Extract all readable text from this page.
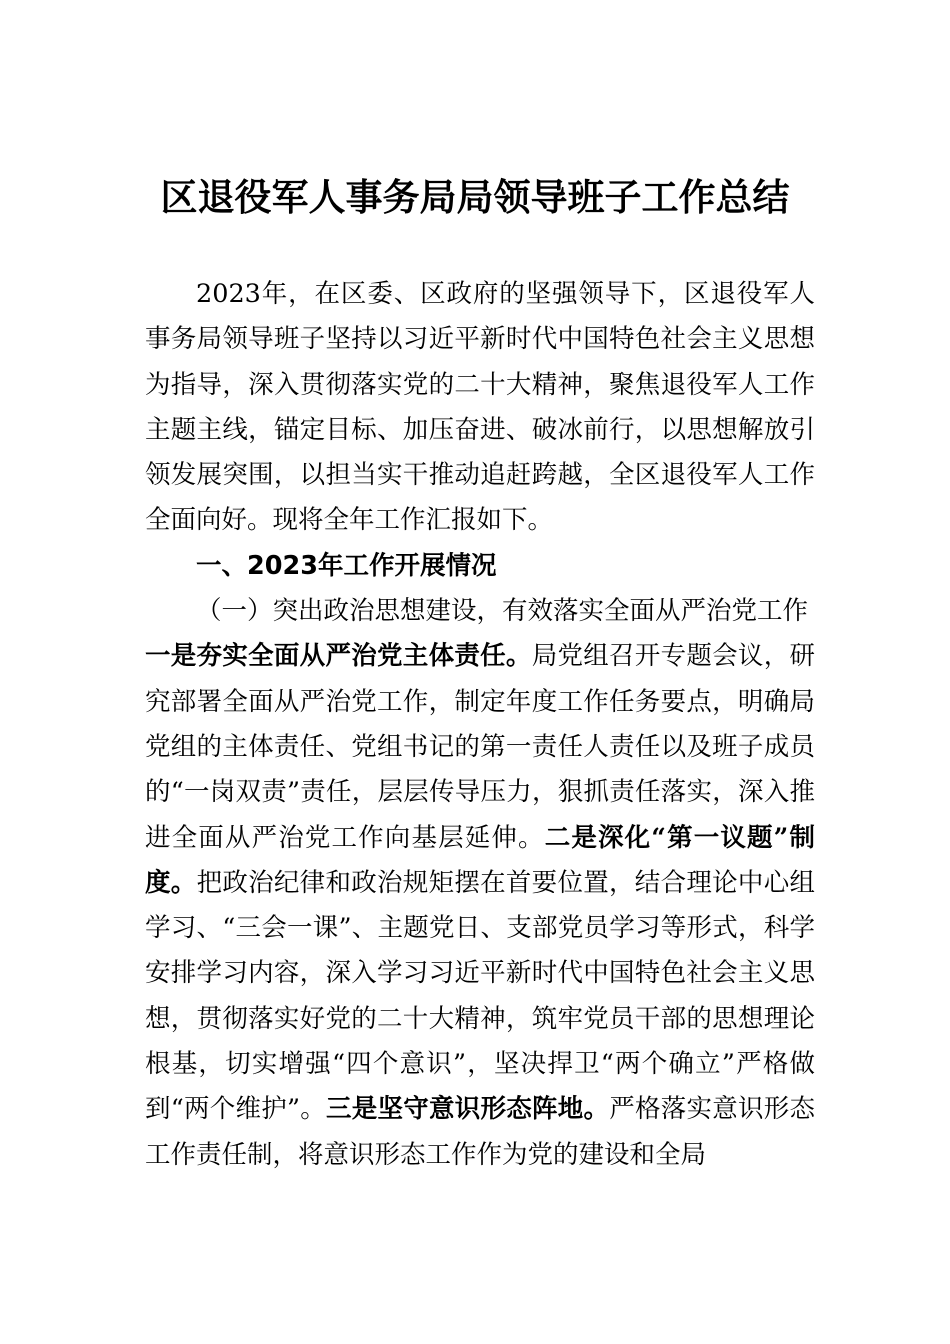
区退役军人事务局局领导班子工作总结

2023年，在区委、区政府的坚强领导下，区退役军人事务局领导班子坚持以习近平新时代中国特色社会主义思想为指导，深入贯彻落实党的二十大精神，聚焦退役军人工作主题主线，锚定目标、加压奋进、破冰前行，以思想解放引领发展突围，以担当实干推动追赶跨越，全区退役军人工作全面向好。现将全年工作汇报如下。

一、2023年工作开展情况

（一）突出政治思想建设，有效落实全面从严治党工作

一是夯实全面从严治党主体责任。局党组召开专题会议，研究部署全面从严治党工作，制定年度工作任务要点，明确局党组的主体责任、党组书记的第一责任人责任以及班子成员的“一岗双责”责任，层层传导压力，狠抓责任落实，深入推进全面从严治党工作向基层延伸。二是深化“第一议题”制度。把政治纪律和政治规矩摆在首要位置，结合理论中心组学习、“三会一课”、主题党日、支部党员学习等形式，科学安排学习内容，深入学习习近平新时代中国特色社会主义思想，贯彻落实好党的二十大精神，筑牢党员干部的思想理论根基，切实增强“四个意识”，坚决捍卫“两个确立”严格做到“两个维护”。三是坚守意识形态阵地。严格落实意识形态工作责任制，将意识形态工作作为党的建设和全局
